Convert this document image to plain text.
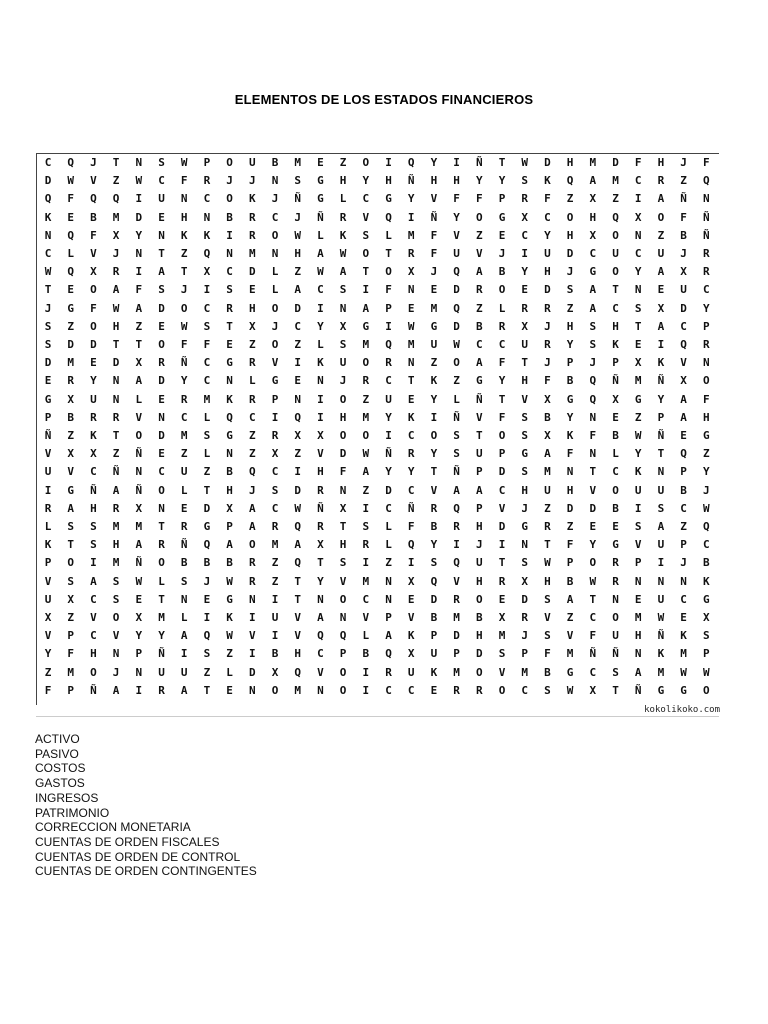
ELEMENTOS DE LOS ESTADOS FINANCIEROS
C	Q	J	T	N	S	W	P	O	U	B	M	E	Z	O	I	Q	Y	I	Ñ	T	W	D	H	M	D	F	H	J	F
D	W	V	Z	W	C	F	R	J	J	N	S	G	H	Y	H	Ñ	H	H	Y	Y	S	K	Q	A	M	C	R	Z	Q
Q	F	Q	Q	I	U	N	C	O	K	J	Ñ	G	L	C	G	Y	V	F	F	P	R	F	Z	X	Z	I	A	Ñ	N
K	E	B	M	D	E	H	N	B	R	C	J	Ñ	R	V	Q	I	Ñ	Y	O	G	X	C	O	H	Q	X	O	F	Ñ
N	Q	F	X	Y	N	K	K	I	R	O	W	L	K	S	L	M	F	V	Z	E	C	Y	H	X	O	N	Z	B	Ñ
C	L	V	J	N	T	Z	Q	N	M	N	H	A	W	O	T	R	F	U	V	J	I	U	D	C	U	C	U	J	R
W	Q	X	R	I	A	T	X	C	D	L	Z	W	A	T	O	X	J	Q	A	B	Y	H	J	G	O	Y	A	X	R
T	E	O	A	F	S	J	I	S	E	L	A	C	S	I	F	N	E	D	R	O	E	D	S	A	T	N	E	U	C
J	G	F	W	A	D	O	C	R	H	O	D	I	N	A	P	E	M	Q	Z	L	R	R	Z	A	C	S	X	D	Y
S	Z	O	H	Z	E	W	S	T	X	J	C	Y	X	G	I	W	G	D	B	R	X	J	H	S	H	T	A	C	P
S	D	D	T	T	O	F	F	E	Z	O	Z	L	S	M	Q	M	U	W	C	C	U	R	Y	S	K	E	I	Q	R
D	M	E	D	X	R	Ñ	C	G	R	V	I	K	U	O	R	N	Z	O	A	F	T	J	P	J	P	X	K	V	N
E	R	Y	N	A	D	Y	C	N	L	G	E	N	J	R	C	T	K	Z	G	Y	H	F	B	Q	Ñ	M	Ñ	X	O
G	X	U	N	L	E	R	M	K	R	P	N	I	O	Z	U	E	Y	L	Ñ	T	V	X	G	Q	X	G	Y	A	F
P	B	R	R	V	N	C	L	Q	C	I	Q	I	H	M	Y	K	I	Ñ	V	F	S	B	Y	N	E	Z	P	A	H
Ñ	Z	K	T	O	D	M	S	G	Z	R	X	X	O	O	I	C	O	S	T	O	S	X	K	F	B	W	Ñ	E	G
V	X	X	Z	Ñ	E	Z	L	N	Z	X	Z	V	D	W	Ñ	R	Y	S	U	P	G	A	F	N	L	Y	T	Q	Z
U	V	C	Ñ	N	C	U	Z	B	Q	C	I	H	F	A	Y	Y	T	Ñ	P	D	S	M	N	T	C	K	N	P	Y
I	G	Ñ	A	Ñ	O	L	T	H	J	S	D	R	N	Z	D	C	V	A	A	C	H	U	H	V	O	U	U	B	J
R	A	H	R	X	N	E	D	X	A	C	W	Ñ	X	I	C	Ñ	R	Q	P	V	J	Z	D	D	B	I	S	C	W
L	S	S	M	M	T	R	G	P	A	R	Q	R	T	S	L	F	B	R	H	D	G	R	Z	E	E	S	A	Z	Q
K	T	S	H	A	R	Ñ	Q	A	O	M	A	X	H	R	L	Q	Y	I	J	I	N	T	F	Y	G	V	U	P	C
P	O	I	M	Ñ	O	B	B	B	R	Z	Q	T	S	I	Z	I	S	Q	U	T	S	W	P	O	R	P	I	J	B
V	S	A	S	W	L	S	J	W	R	Z	T	Y	V	M	N	X	Q	V	H	R	X	H	B	W	R	N	N	N	K
U	X	C	S	E	T	N	E	G	N	I	T	N	O	C	N	E	D	R	O	E	D	S	A	T	N	E	U	C	G
X	Z	V	O	X	M	L	I	K	I	U	V	A	N	V	P	V	B	M	B	X	R	V	Z	C	O	M	W	E	X
V	P	C	V	Y	Y	A	Q	W	V	I	V	Q	Q	L	A	K	P	D	H	M	J	S	V	F	U	H	Ñ	K	S
Y	F	H	N	P	Ñ	I	S	Z	I	B	H	C	P	B	Q	X	U	P	D	S	P	F	M	Ñ	Ñ	N	K	M	P
Z	M	O	J	N	U	U	Z	L	D	X	Q	V	O	I	R	U	K	M	O	V	M	B	G	C	S	A	M	W	W
F	P	Ñ	A	I	R	A	T	E	N	O	M	N	O	I	C	C	E	R	R	O	C	S	W	X	T	Ñ	G	G	O
kokolikoko.com
ACTIVO
PASIVO
COSTOS
GASTOS
INGRESOS
PATRIMONIO
CORRECCION MONETARIA
CUENTAS DE ORDEN FISCALES
CUENTAS DE ORDEN DE CONTROL
CUENTAS DE ORDEN CONTINGENTES
